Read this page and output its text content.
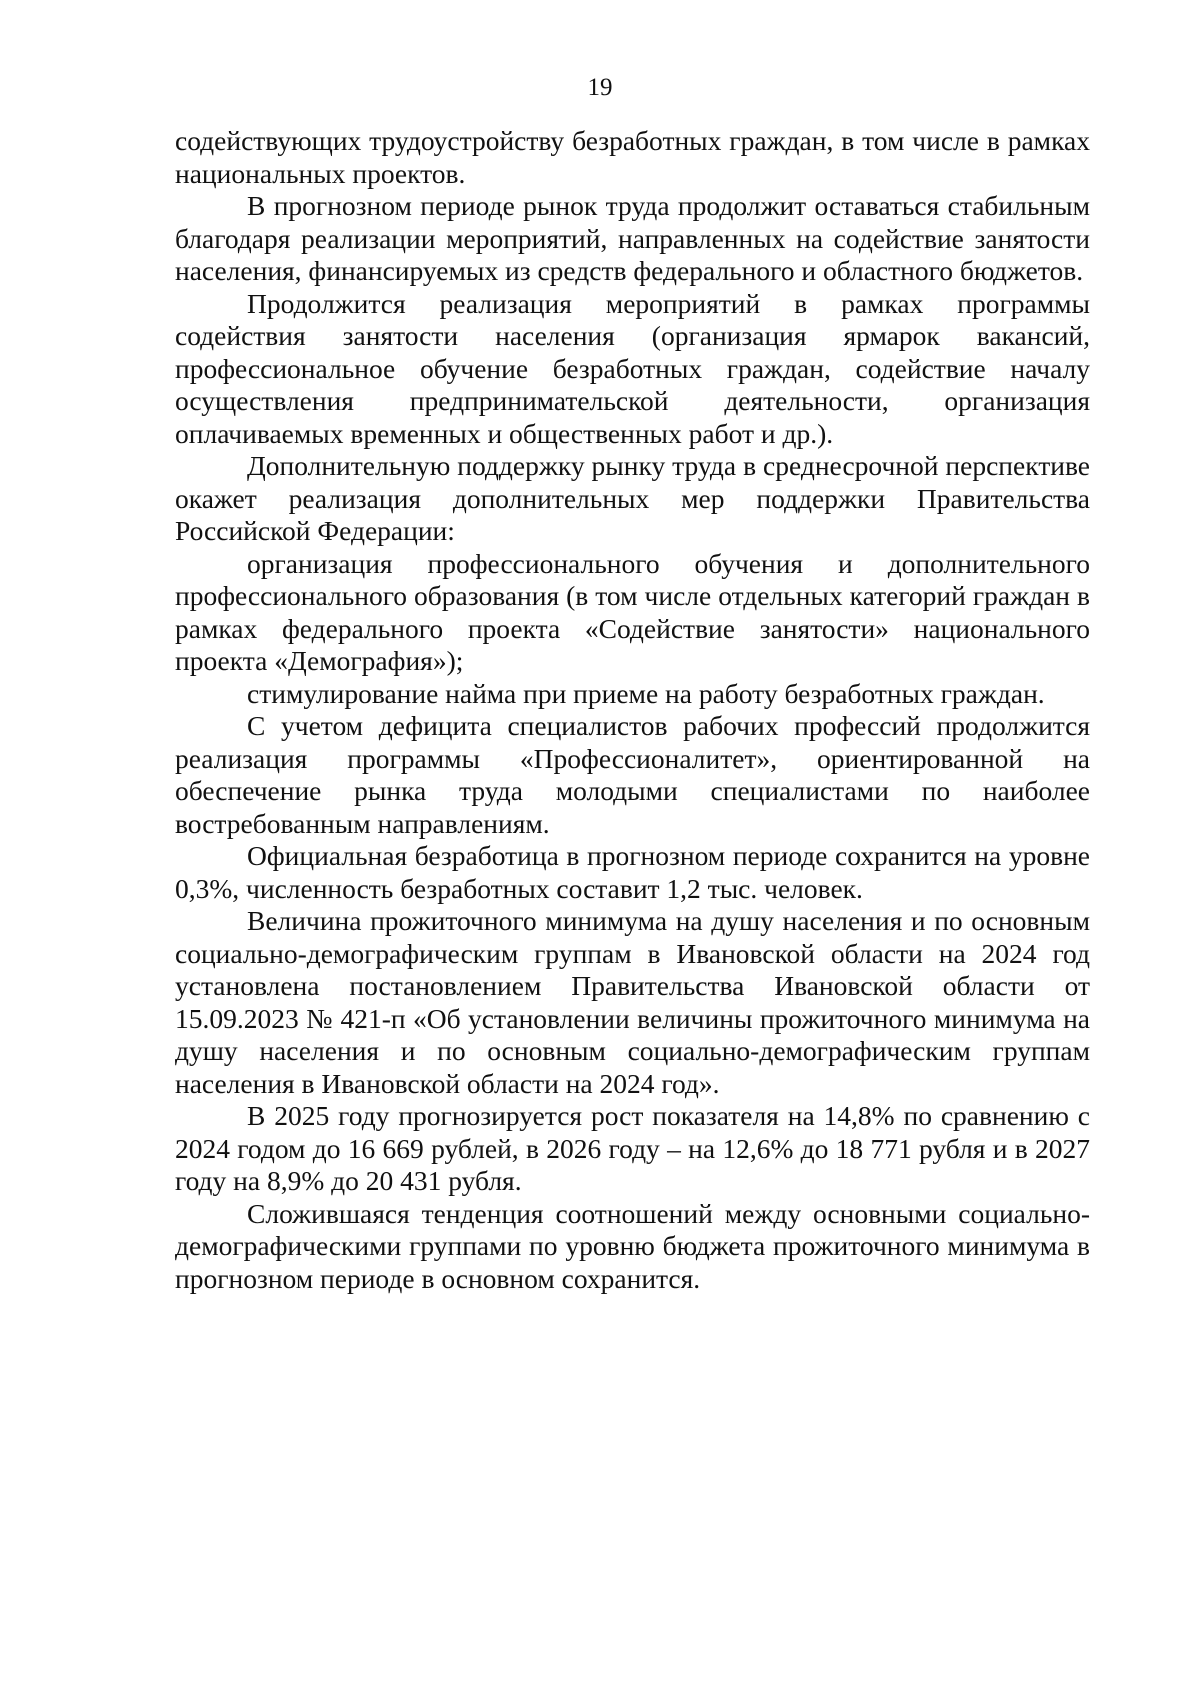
19

содействующих трудоустройству безработных граждан, в том числе в рамках национальных проектов.

В прогнозном периоде рынок труда продолжит оставаться стабильным благодаря реализации мероприятий, направленных на содействие занятости населения, финансируемых из средств федерального и областного бюджетов.

Продолжится реализация мероприятий в рамках программы содействия занятости населения (организация ярмарок вакансий, профессиональное обучение безработных граждан, содействие началу осуществления предпринимательской деятельности, организация оплачиваемых временных и общественных работ и др.).

Дополнительную поддержку рынку труда в среднесрочной перспективе окажет реализация дополнительных мер поддержки Правительства Российской Федерации:

организация профессионального обучения и дополнительного профессионального образования (в том числе отдельных категорий граждан в рамках федерального проекта «Содействие занятости» национального проекта «Демография»);

стимулирование найма при приеме на работу безработных граждан.

С учетом дефицита специалистов рабочих профессий продолжится реализация программы «Профессионалитет», ориентированной на обеспечение рынка труда молодыми специалистами по наиболее востребованным направлениям.

Официальная безработица в прогнозном периоде сохранится на уровне 0,3%, численность безработных составит 1,2 тыс. человек.

Величина прожиточного минимума на душу населения и по основным социально-демографическим группам в Ивановской области на 2024 год установлена постановлением Правительства Ивановской области от 15.09.2023 № 421-п «Об установлении величины прожиточного минимума на душу населения и по основным социально-демографическим группам населения в Ивановской области на 2024 год».

В 2025 году прогнозируется рост показателя на 14,8% по сравнению с 2024 годом до 16 669 рублей, в 2026 году – на 12,6% до 18 771 рубля и в 2027 году на 8,9% до 20 431 рубля.

Сложившаяся тенденция соотношений между основными социально-демографическими группами по уровню бюджета прожиточного минимума в прогнозном периоде в основном сохранится.
